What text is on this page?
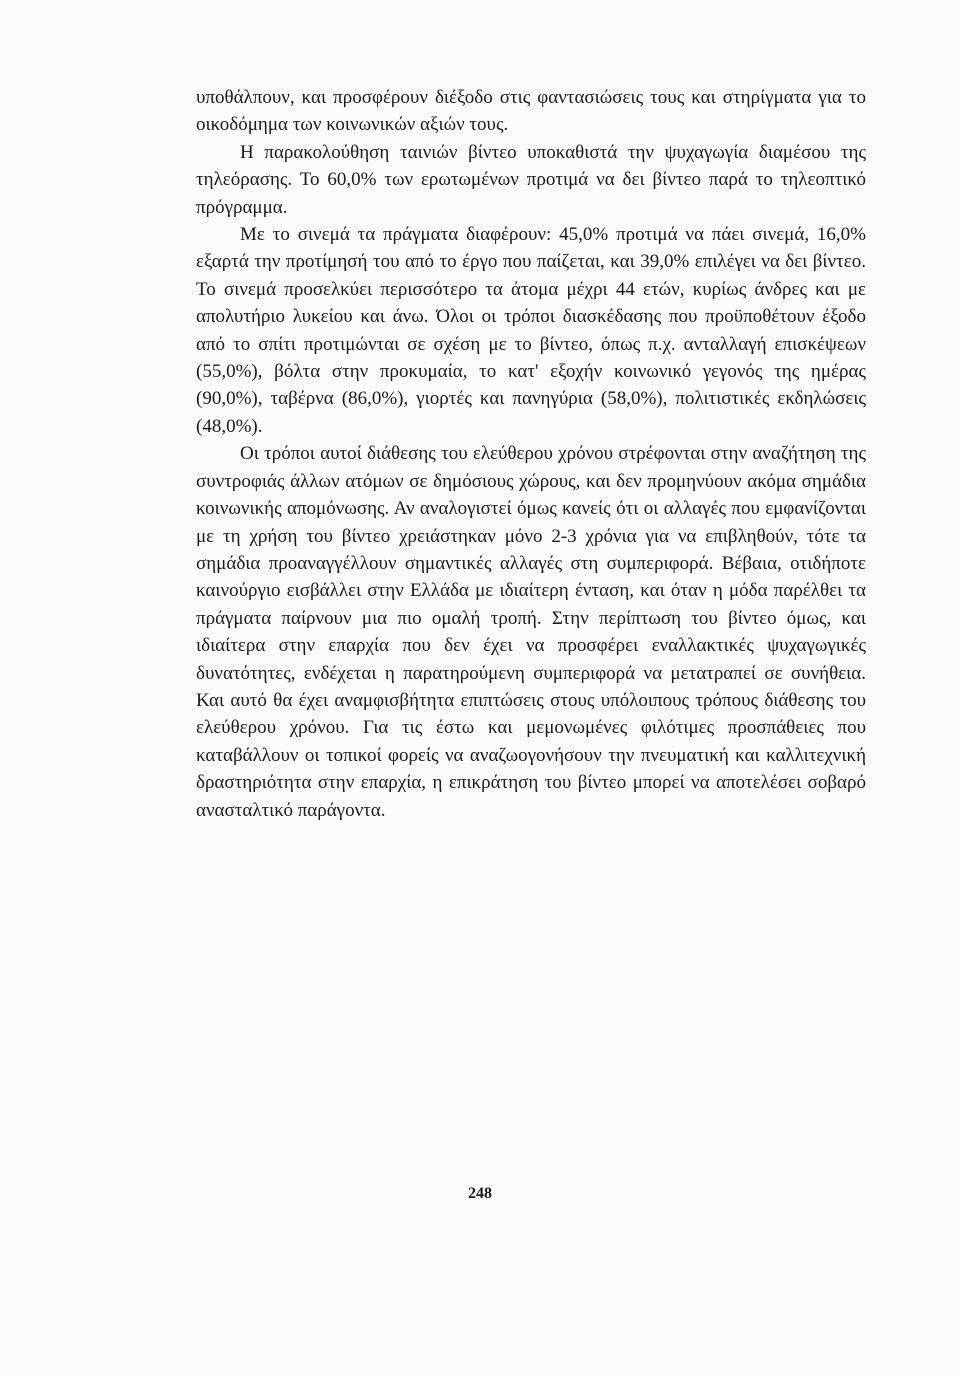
υποθάλπουν, και προσφέρουν διέξοδο στις φαντασιώσεις τους και στηρίγματα για το οικοδόμημα των κοινωνικών αξιών τους.

Η παρακολούθηση ταινιών βίντεο υποκαθιστά την ψυχαγωγία διαμέσου της τηλεόρασης. Το 60,0% των ερωτωμένων προτιμά να δει βίντεο παρά το τηλεοπτικό πρόγραμμα.

Με το σινεμά τα πράγματα διαφέρουν: 45,0% προτιμά να πάει σινεμά, 16,0% εξαρτά την προτίμησή του από το έργο που παίζεται, και 39,0% επιλέγει να δει βίντεο. Το σινεμά προσελκύει περισσότερο τα άτομα μέχρι 44 ετών, κυρίως άνδρες και με απολυτήριο λυκείου και άνω. Όλοι οι τρόποι διασκέδασης που προϋποθέτουν έξοδο από το σπίτι προτιμώνται σε σχέση με το βίντεο, όπως π.χ. ανταλλαγή επισκέψεων (55,0%), βόλτα στην προκυμαία, το κατ' εξοχήν κοινωνικό γεγονός της ημέρας (90,0%), ταβέρνα (86,0%), γιορτές και πανηγύρια (58,0%), πολιτιστικές εκδηλώσεις (48,0%).

Οι τρόποι αυτοί διάθεσης του ελεύθερου χρόνου στρέφονται στην αναζήτηση της συντροφιάς άλλων ατόμων σε δημόσιους χώρους, και δεν προμηνύουν ακόμα σημάδια κοινωνικής απομόνωσης. Αν αναλογιστεί όμως κανείς ότι οι αλλαγές που εμφανίζονται με τη χρήση του βίντεο χρειάστηκαν μόνο 2-3 χρόνια για να επιβληθούν, τότε τα σημάδια προαναγγέλλουν σημαντικές αλλαγές στη συμπεριφορά. Βέβαια, οτιδήποτε καινούργιο εισβάλλει στην Ελλάδα με ιδιαίτερη ένταση, και όταν η μόδα παρέλθει τα πράγματα παίρνουν μια πιο ομαλή τροπή. Στην περίπτωση του βίντεο όμως, και ιδιαίτερα στην επαρχία που δεν έχει να προσφέρει εναλλακτικές ψυχαγωγικές δυνατότητες, ενδέχεται η παρατηρούμενη συμπεριφορά να μετατραπεί σε συνήθεια. Και αυτό θα έχει αναμφισβήτητα επιπτώσεις στους υπόλοιπους τρόπους διάθεσης του ελεύθερου χρόνου. Για τις έστω και μεμονωμένες φιλότιμες προσπάθειες που καταβάλλουν οι τοπικοί φορείς να αναζωογονήσουν την πνευματική και καλλιτεχνική δραστηριότητα στην επαρχία, η επικράτηση του βίντεο μπορεί να αποτελέσει σοβαρό ανασταλτικό παράγοντα.

248
